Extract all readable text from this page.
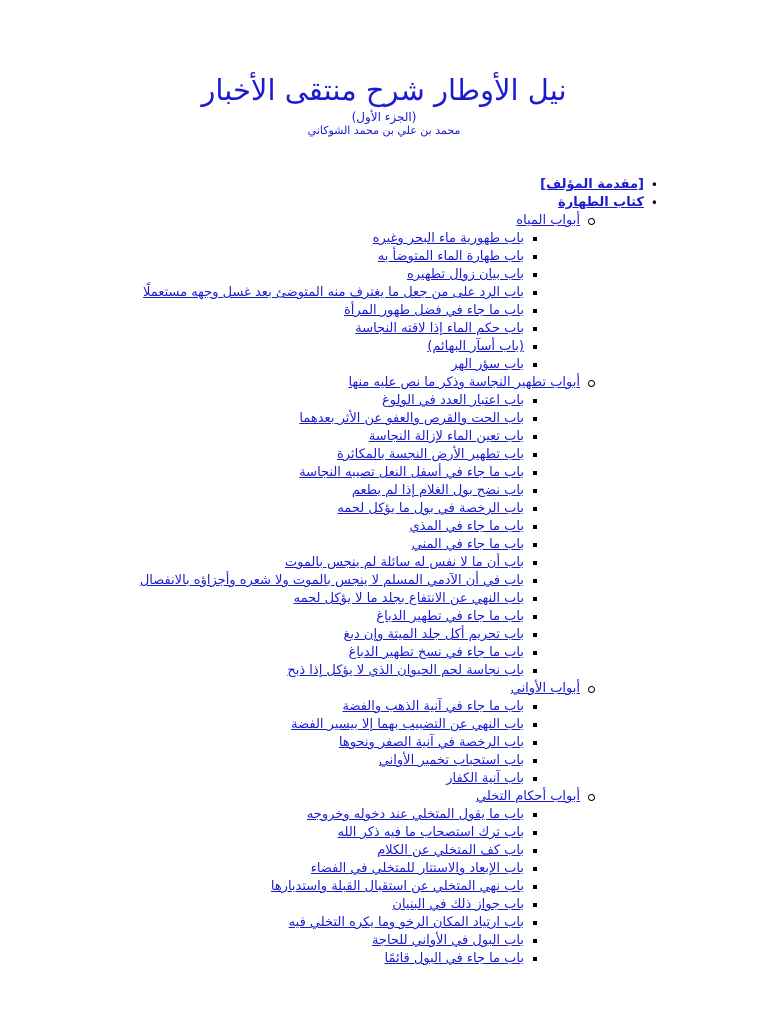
نيل الأوطار شرح منتقى الأخبار
(الجزء الأول)
محمد بن علي بن محمد الشوكاني
• [مقدمة المؤلف]
• كتاب الطهارة
أبواب المياه
باب طهورية ماء البحر وغيره
باب طهارة الماء المتوضأ به
باب بيان زوال تطهيره
باب الرد على من جعل ما يغترف منه المتوضئ بعد غسل وجهه مستعملًا
باب ما جاء في فضل طهور المرأة
باب حكم الماء إذا لاقته النجاسة
(باب أسآر البهائم)
باب سؤر الهر
أبواب تطهير النجاسة وذكر ما نص عليه منها
باب اعتبار العدد في الولوغ
باب الحت والقرص والعفو عن الأثر بعدهما
باب تعين الماء لإزالة النجاسة
باب تطهير الأرض النجسة بالمكاثرة
باب ما جاء في أسفل النعل تصيبه النجاسة
باب نضح بول الغلام إذا لم يطعم
باب الرخصة في بول ما يؤكل لحمه
باب ما جاء في المذي
باب ما جاء في المني
باب أن ما لا نفس له سائلة لم ينجس بالموت
باب في أن الآدمي المسلم لا ينجس بالموت ولا شعره وأجزاؤه بالانفصال
باب النهي عن الانتفاع بجلد ما لا يؤكل لحمه
باب ما جاء في تطهير الدباغ
باب تحريم أكل جلد الميتة وإن دبغ
باب ما جاء في نسخ تطهير الدباغ
باب نجاسة لحم الحيوان الذي لا يؤكل إذا ذبح
أبواب الأواني
باب ما جاء في آنية الذهب والفضة
باب النهي عن التضبيب بهما إلا بيسير الفضة
باب الرخصة في آنية الصفر ونحوها
باب استحباب تخمير الأواني
باب آنية الكفار
أبواب أحكام التخلي
باب ما يقول المتخلي عند دخوله وخروجه
باب ترك استصحاب ما فيه ذكر الله
باب كف المتخلي عن الكلام
باب الإبعاد والاستتار للمتخلي في الفضاء
باب نهي المتخلي عن استقبال القبلة واستدبارها
باب جواز ذلك في البنيان
باب ارتياد المكان الرخو وما يكره التخلي فيه
باب البول في الأواني للحاجة
باب ما جاء في البول قائمًا
